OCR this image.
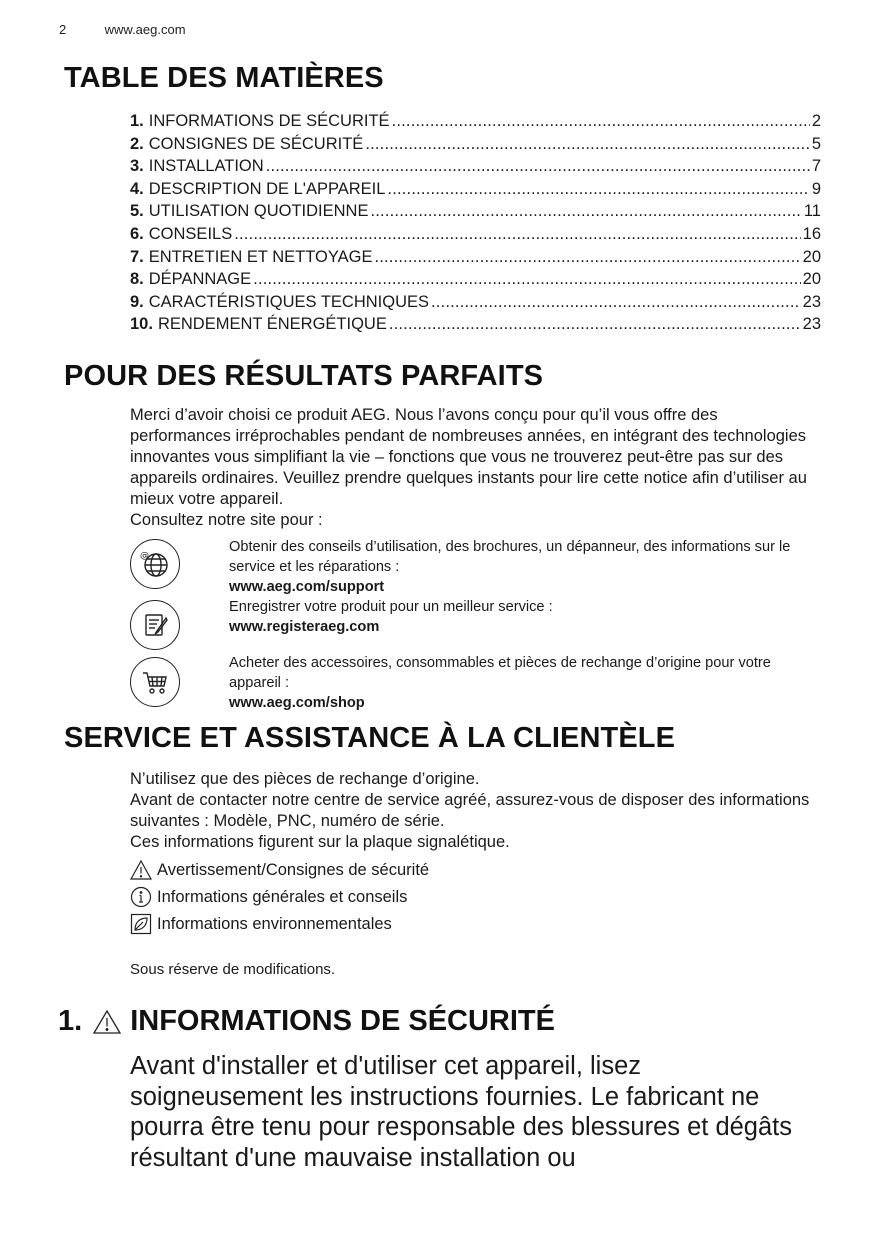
2	www.aeg.com
TABLE DES MATIÈRES
1. INFORMATIONS DE SÉCURITÉ .....	2
2. CONSIGNES DE SÉCURITÉ .....	5
3. INSTALLATION .....	7
4. DESCRIPTION DE L'APPAREIL .....	9
5. UTILISATION QUOTIDIENNE .....	11
6. CONSEILS .....	16
7. ENTRETIEN ET NETTOYAGE .....	20
8. DÉPANNAGE .....	20
9. CARACTÉRISTIQUES TECHNIQUES .....	23
10. RENDEMENT ÉNERGÉTIQUE .....	23
POUR DES RÉSULTATS PARFAITS

Merci d’avoir choisi ce produit AEG. Nous l’avons conçu pour qu’il vous offre des performances irréprochables pendant de nombreuses années, en intégrant des technologies innovantes vous simplifiant la vie – fonctions que vous ne trouverez peut-être pas sur des appareils ordinaires. Veuillez prendre quelques instants pour lire cette notice afin d’utiliser au mieux votre appareil.

Consultez notre site pour :

@
Obtenir des conseils d’utilisation, des brochures, un dépanneur, des informations sur le service et les réparations :
www.aeg.com/support
Enregistrer votre produit pour un meilleur service :
www.registeraeg.com
Acheter des accessoires, consommables et pièces de rechange d’origine pour votre appareil :
www.aeg.com/shop
SERVICE ET ASSISTANCE À LA CLIENTÈLE

N’utilisez que des pièces de rechange d’origine.

Avant de contacter notre centre de service agréé, assurez-vous de disposer des informations suivantes : Modèle, PNC, numéro de série.

Ces informations figurent sur la plaque signalétique.

Avertissement/Consignes de sécurité
Informations générales et conseils
Informations environnementales
Sous réserve de modifications.
1. INFORMATIONS DE SÉCURITÉ
Avant d'installer et d'utiliser cet appareil, lisez soigneusement les instructions fournies. Le fabricant ne pourra être tenu pour responsable des blessures et dégâts résultant d'une mauvaise installation ou
